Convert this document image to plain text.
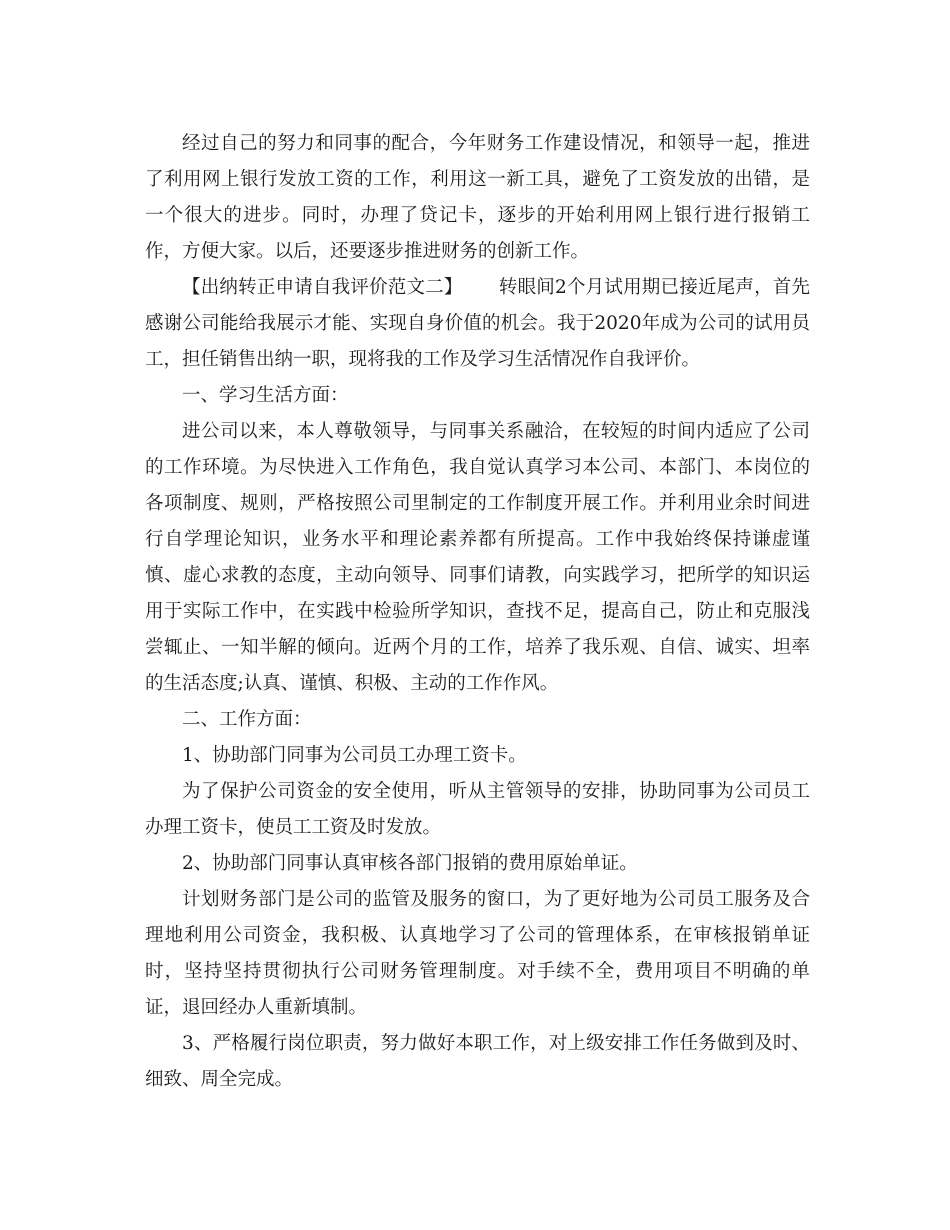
经过自己的努力和同事的配合，今年财务工作建设情况，和领导一起，推进了利用网上银行发放工资的工作，利用这一新工具，避免了工资发放的出错，是一个很大的进步。同时，办理了贷记卡，逐步的开始利用网上银行进行报销工作，方便大家。以后，还要逐步推进财务的创新工作。

【出纳转正申请自我评价范文二】 转眼间2个月试用期已接近尾声，首先感谢公司能给我展示才能、实现自身价值的机会。我于2020年成为公司的试用员工，担任销售出纳一职，现将我的工作及学习生活情况作自我评价。

一、学习生活方面：

进公司以来，本人尊敬领导，与同事关系融洽，在较短的时间内适应了公司的工作环境。为尽快进入工作角色，我自觉认真学习本公司、本部门、本岗位的各项制度、规则，严格按照公司里制定的工作制度开展工作。并利用业余时间进行自学理论知识，业务水平和理论素养都有所提高。工作中我始终保持谦虚谨慎、虚心求教的态度，主动向领导、同事们请教，向实践学习，把所学的知识运用于实际工作中，在实践中检验所学知识，查找不足，提高自己，防止和克服浅尝辄止、一知半解的倾向。近两个月的工作，培养了我乐观、自信、诚实、坦率的生活态度;认真、谨慎、积极、主动的工作作风。

二、工作方面：

1、协助部门同事为公司员工办理工资卡。

为了保护公司资金的安全使用，听从主管领导的安排，协助同事为公司员工办理工资卡，使员工工资及时发放。

2、协助部门同事认真审核各部门报销的费用原始单证。

计划财务部门是公司的监管及服务的窗口，为了更好地为公司员工服务及合理地利用公司资金，我积极、认真地学习了公司的管理体系，在审核报销单证时，坚持坚持贯彻执行公司财务管理制度。对手续不全，费用项目不明确的单证，退回经办人重新填制。

3、严格履行岗位职责，努力做好本职工作，对上级安排工作任务做到及时、细致、周全完成。
